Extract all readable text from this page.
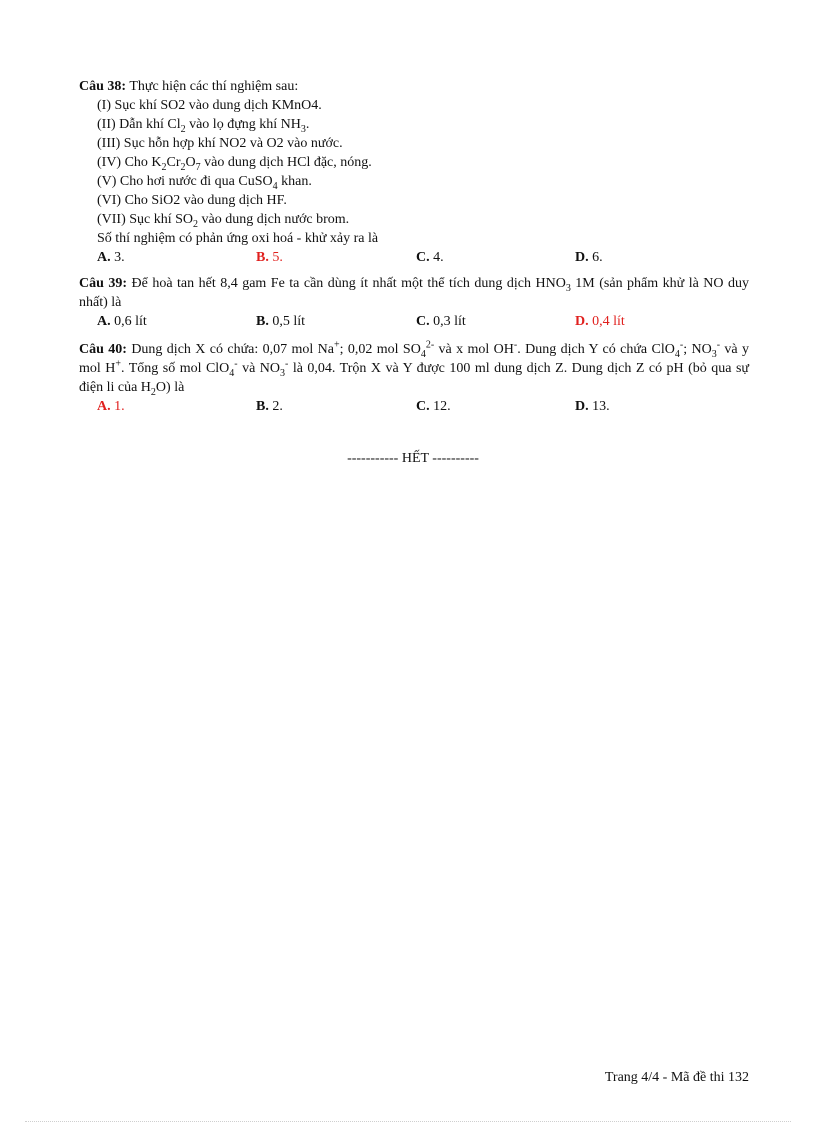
Câu 38: Thực hiện các thí nghiệm sau:
(I) Sục khí SO2 vào dung dịch KMnO4.
(II) Dẫn khí $Cl_2$ vào lọ đựng khí $NH_3$.
(III) Sục hỗn hợp khí NO2 và O2 vào nước.
(IV) Cho $K_2Cr_2O_7$ vào dung dịch HCl đặc, nóng.
(V) Cho hơi nước đi qua CuSO$_4$ khan.
(VI) Cho SiO2 vào dung dịch HF.
(VII) Sục khí $SO_2$ vào dung dịch nước brom.
Số thí nghiệm có phản ứng oxi hoá - khử xảy ra là
A. 3.	B. 5.	C. 4.	D. 6.
Câu 39: Để hoà tan hết 8,4 gam Fe ta cần dùng ít nhất một thể tích dung dịch $HNO_3$ 1M (sản phẩm khử là NO duy nhất) là
A. 0,6 lít	B. 0,5 lít	C. 0,3 lít	D. 0,4 lít
Câu 40: Dung dịch X có chứa: 0,07 mol Na+; 0,02 mol $SO_4^{2-}$ và x mol OH-. Dung dịch Y có chứa ClO$_4$-; $NO_3^-$ và y mol H+. Tổng số mol ClO$_4$- và $NO_3^-$ là 0,04. Trộn X và Y được 100 ml dung dịch Z. Dung dịch Z có pH (bỏ qua sự điện li của $H_2O$) là
A. 1.	B. 2.	C. 12.	D. 13.
----------- HẾT ----------
Trang 4/4 - Mã đề thi 132
